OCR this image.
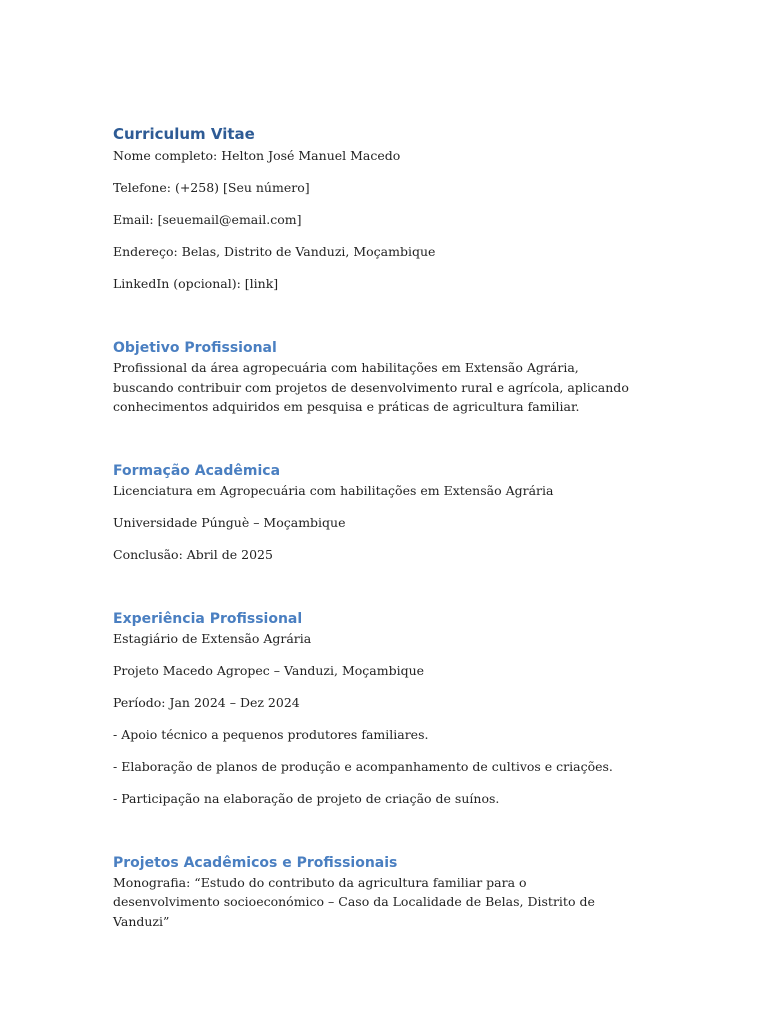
Curriculum Vitae

Nome completo: Helton José Manuel Macedo

Telefone: (+258) [Seu número]

Email: [seuemail@email.com]

Endereço: Belas, Distrito de Vanduzi, Moçambique

LinkedIn (opcional): [link]

Objetivo Profissional

Profissional da área agropecuária com habilitações em Extensão Agrária, buscando contribuir com projetos de desenvolvimento rural e agrícola, aplicando conhecimentos adquiridos em pesquisa e práticas de agricultura familiar.

Formação Acadêmica

Licenciatura em Agropecuária com habilitações em Extensão Agrária

Universidade Púnguè – Moçambique

Conclusão: Abril de 2025

Experiência Profissional

Estagiário de Extensão Agrária

Projeto Macedo Agropec – Vanduzi, Moçambique

Período: Jan 2024 – Dez 2024

- Apoio técnico a pequenos produtores familiares.

- Elaboração de planos de produção e acompanhamento de cultivos e criações.

- Participação na elaboração de projeto de criação de suínos.

Projetos Acadêmicos e Profissionais

Monografia: “Estudo do contributo da agricultura familiar para o desenvolvimento socioeconómico – Caso da Localidade de Belas, Distrito de Vanduzi”
